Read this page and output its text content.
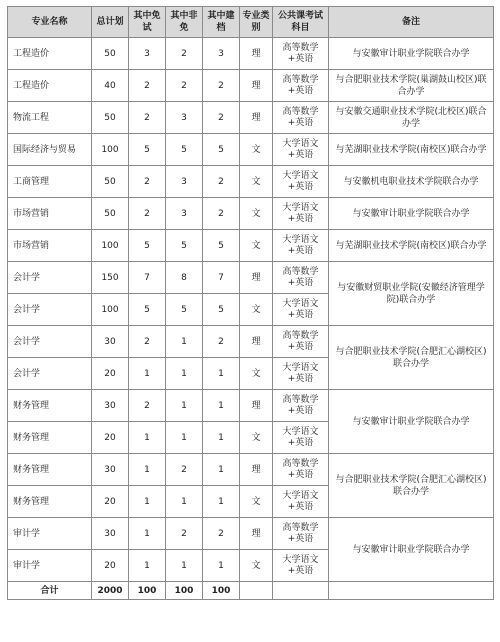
专业名称	总计划	其中免试	其中非免	其中建档	专业类别	公共课考试科目	备注
工程造价	50	3	2	3	理	高等数学+英语	与安徽审计职业学院联合办学
工程造价	40	2	2	2	理	高等数学+英语	与合肥职业技术学院(巢湖鼓山校区)联合办学
物流工程	50	2	3	2	理	高等数学+英语	与安徽交通职业技术学院(北校区)联合办学
国际经济与贸易	100	5	5	5	文	大学语文+英语	与芜湖职业技术学院(南校区)联合办学
工商管理	50	2	3	2	文	大学语文+英语	与安徽机电职业技术学院联合办学
市场营销	50	2	3	2	文	大学语文+英语	与安徽审计职业学院联合办学
市场营销	100	5	5	5	文	大学语文+英语	与芜湖职业技术学院(南校区)联合办学
会计学	150	7	8	7	理	高等数学+英语	与安徽财贸职业学院(安徽经济管理学院)联合办学
会计学	100	5	5	5	文	大学语文+英语	
会计学	30	2	1	2	理	高等数学+英语	与合肥职业技术学院(合肥汇心湖校区)联合办学
会计学	20	1	1	1	文	大学语文+英语	
财务管理	30	2	1	1	理	高等数学+英语	与安徽审计职业学院联合办学
财务管理	20	1	1	1	文	大学语文+英语	
财务管理	30	1	2	1	理	高等数学+英语	与合肥职业技术学院(合肥汇心湖校区)联合办学
财务管理	20	1	1	1	文	大学语文+英语	
审计学	30	1	2	2	理	高等数学+英语	与安徽审计职业学院联合办学
审计学	20	1	1	1	文	大学语文+英语	
合计	2000	100	100	100			
